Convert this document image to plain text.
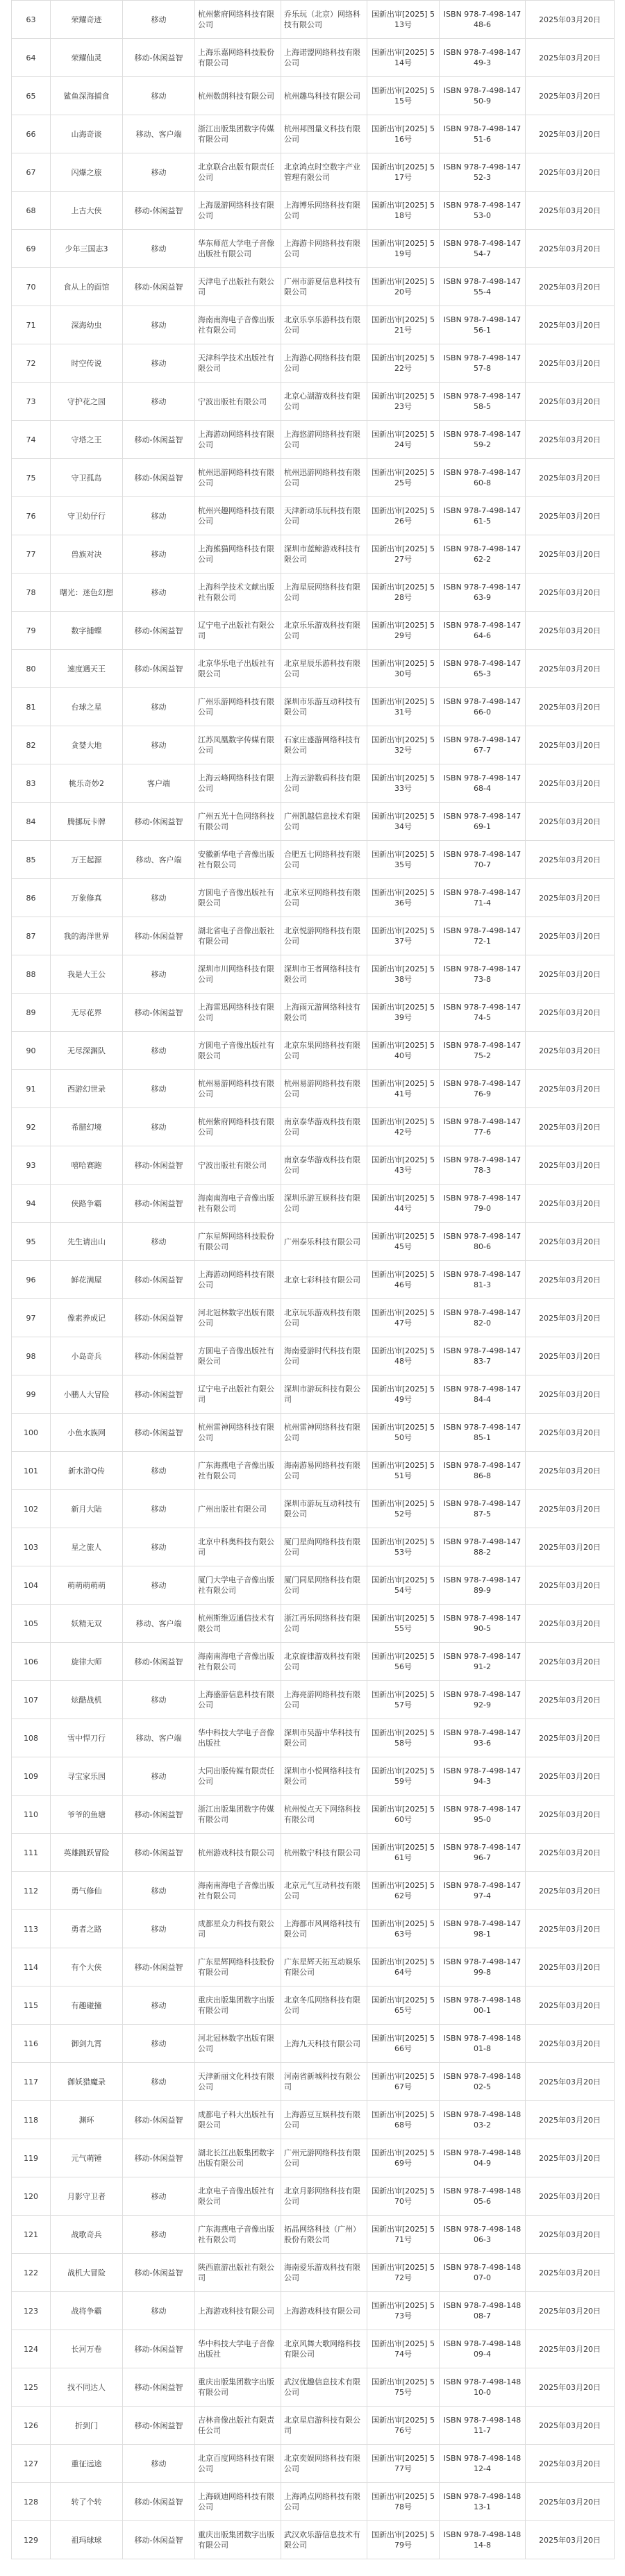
63	荣耀奇迹	移动	杭州紫府网络科技有限公司	乔乐玩（北京）网络科技有限公司	国新出审[2025] 513号	ISBN 978-7-498-14748-6	2025年03月20日
64	荣耀仙灵	移动-休闲益智	上海乐嘉网络科技股份有限公司	上海诺盟网络科技有限公司	国新出审[2025] 514号	ISBN 978-7-498-14749-3	2025年03月20日
65	鲨鱼深海捕食	移动	杭州数朗科技有限公司	杭州趣鸟科技有限公司	国新出审[2025] 515号	ISBN 978-7-498-14750-9	2025年03月20日
66	山海奇谈	移动、客户端	浙江出版集团数字传媒有限公司	杭州邦图量义科技有限公司	国新出审[2025] 516号	ISBN 978-7-498-14751-6	2025年03月20日
67	闪爆之旅	移动	北京联合出版有限责任公司	北京鸿点时空数字产业管理有限公司	国新出审[2025] 517号	ISBN 978-7-498-14752-3	2025年03月20日
68	上古大侠	移动-休闲益智	上海晟游网络科技有限公司	上海博乐网络科技有限公司	国新出审[2025] 518号	ISBN 978-7-498-14753-0	2025年03月20日
69	少年三国志3	移动	华东师范大学电子音像出版社有限公司	上海游卡网络科技有限公司	国新出审[2025] 519号	ISBN 978-7-498-14754-7	2025年03月20日
70	食从上的面馆	移动-休闲益智	天津电子出版社有限公司	广州市游夏信息科技有限公司	国新出审[2025] 520号	ISBN 978-7-498-14755-4	2025年03月20日
71	深海幼虫	移动	海南南海电子音像出版社有限公司	北京乐享乐游科技有限公司	国新出审[2025] 521号	ISBN 978-7-498-14756-1	2025年03月20日
72	时空传说	移动	天津科学技术出版社有限公司	上海游心网络科技有限公司	国新出审[2025] 522号	ISBN 978-7-498-14757-8	2025年03月20日
73	守护花之园	移动	宁波出版社有限公司	北京心湖游戏科技有限公司	国新出审[2025] 523号	ISBN 978-7-498-14758-5	2025年03月20日
74	守塔之王	移动-休闲益智	上海游动网络科技有限公司	上海悠游网络科技有限公司	国新出审[2025] 524号	ISBN 978-7-498-14759-2	2025年03月20日
75	守卫孤岛	移动-休闲益智	杭州迅游网络科技有限公司	杭州迅游网络科技有限公司	国新出审[2025] 525号	ISBN 978-7-498-14760-8	2025年03月20日
76	守卫幼仔行	移动	杭州兴趣网络科技有限公司	天津新动乐玩科技有限公司	国新出审[2025] 526号	ISBN 978-7-498-14761-5	2025年03月20日
77	兽族对决	移动	上海熊猫网络科技有限公司	深圳市蓝鲸游戏科技有限公司	国新出审[2025] 527号	ISBN 978-7-498-14762-2	2025年03月20日
78	曙光：迷色幻想	移动	上海科学技术文献出版社有限公司	上海星辰网络科技有限公司	国新出审[2025] 528号	ISBN 978-7-498-14763-9	2025年03月20日
79	数字捕蝶	移动-休闲益智	辽宁电子出版社有限公司	北京乐乐游戏科技有限公司	国新出审[2025] 529号	ISBN 978-7-498-14764-6	2025年03月20日
80	速度遇天王	移动-休闲益智	北京华乐电子出版社有限公司	北京星辰乐游科技有限公司	国新出审[2025] 530号	ISBN 978-7-498-14765-3	2025年03月20日
81	台球之星	移动	广州乐游网络科技有限公司	深圳市乐游互动科技有限公司	国新出审[2025] 531号	ISBN 978-7-498-14766-0	2025年03月20日
82	贪婪大地	移动	江苏凤凰数字传媒有限公司	石家庄盛游网络科技有限公司	国新出审[2025] 532号	ISBN 978-7-498-14767-7	2025年03月20日
83	桃乐奇妙2	客户端	上海云峰网络科技有限公司	上海云游数码科技有限公司	国新出审[2025] 533号	ISBN 978-7-498-14768-4	2025年03月20日
84	腾挪玩卡牌	移动-休闲益智	广州五光十色网络科技有限公司	广州凯越信息技术有限公司	国新出审[2025] 534号	ISBN 978-7-498-14769-1	2025年03月20日
85	万王起源	移动、客户端	安徽新华电子音像出版社有限公司	合肥五七网络科技有限公司	国新出审[2025] 535号	ISBN 978-7-498-14770-7	2025年03月20日
86	万象修真	移动	方圆电子音像出版社有限公司	北京米豆网络科技有限公司	国新出审[2025] 536号	ISBN 978-7-498-14771-4	2025年03月20日
87	我的海洋世界	移动-休闲益智	湖北省电子音像出版社有限公司	北京悦游网络科技有限公司	国新出审[2025] 537号	ISBN 978-7-498-14772-1	2025年03月20日
88	我是大王公	移动	深圳市川网络科技有限公司	深圳市王者网络科技有限公司	国新出审[2025] 538号	ISBN 978-7-498-14773-8	2025年03月20日
89	无尽花界	移动-休闲益智	上海雷迅网络科技有限公司	上海雨元游网络科技有限公司	国新出审[2025] 539号	ISBN 978-7-498-14774-5	2025年03月20日
90	无尽深渊队	移动	方圆电子音像出版社有限公司	北京东果网络科技有限公司	国新出审[2025] 540号	ISBN 978-7-498-14775-2	2025年03月20日
91	西游幻世录	移动	杭州易游网络科技有限公司	杭州易游网络科技有限公司	国新出审[2025] 541号	ISBN 978-7-498-14776-9	2025年03月20日
92	希腊幻境	移动	杭州紫府网络科技有限公司	南京泰华游戏科技有限公司	国新出审[2025] 542号	ISBN 978-7-498-14777-6	2025年03月20日
93	嘻哈赛跑	移动-休闲益智	宁波出版社有限公司	南京泰华游戏科技有限公司	国新出审[2025] 543号	ISBN 978-7-498-14778-3	2025年03月20日
94	侠路争霸	移动-休闲益智	海南南海电子音像出版社有限公司	深圳乐游互娱科技有限公司	国新出审[2025] 544号	ISBN 978-7-498-14779-0	2025年03月20日
95	先生请出山	移动	广东星辉网络科技股份有限公司	广州泰乐科技有限公司	国新出审[2025] 545号	ISBN 978-7-498-14780-6	2025年03月20日
96	鲜花满屋	移动-休闲益智	上海游动网络科技有限公司	北京七彩科技有限公司	国新出审[2025] 546号	ISBN 978-7-498-14781-3	2025年03月20日
97	像素养成记	移动-休闲益智	河北冠林数字出版有限公司	北京玩乐游戏科技有限公司	国新出审[2025] 547号	ISBN 978-7-498-14782-0	2025年03月20日
98	小岛奇兵	移动-休闲益智	方圆电子音像出版社有限公司	海南爱游时代科技有限公司	国新出审[2025] 548号	ISBN 978-7-498-14783-7	2025年03月20日
99	小鹏人大冒险	移动-休闲益智	辽宁电子出版社有限公司	深圳市游玩科技有限公司	国新出审[2025] 549号	ISBN 978-7-498-14784-4	2025年03月20日
100	小鱼水族网	移动-休闲益智	杭州雷神网络科技有限公司	杭州雷神网络科技有限公司	国新出审[2025] 550号	ISBN 978-7-498-14785-1	2025年03月20日
101	新水浒Q传	移动	广东海燕电子音像出版社有限公司	海南游易网络科技有限公司	国新出审[2025] 551号	ISBN 978-7-498-14786-8	2025年03月20日
102	新月大陆	移动	广州出版社有限公司	深圳市游玩互动科技有限公司	国新出审[2025] 552号	ISBN 978-7-498-14787-5	2025年03月20日
103	星之旅人	移动	北京中科奥科技有限公司	厦门星尚网络科技有限公司	国新出审[2025] 553号	ISBN 978-7-498-14788-2	2025年03月20日
104	萌萌萌萌萌	移动	厦门大学电子音像出版社有限公司	厦门同星网络科技有限公司	国新出审[2025] 554号	ISBN 978-7-498-14789-9	2025年03月20日
105	妖精无双	移动、客户端	杭州斯维迈通信技术有限公司	浙江再乐网络科技有限公司	国新出审[2025] 555号	ISBN 978-7-498-14790-5	2025年03月20日
106	旋律大师	移动-休闲益智	海南南海电子音像出版社有限公司	北京旋律游戏科技有限公司	国新出审[2025] 556号	ISBN 978-7-498-14791-2	2025年03月20日
107	炫酷战机	移动	上海盛游信息科技有限公司	上海亮游网络科技有限公司	国新出审[2025] 557号	ISBN 978-7-498-14792-9	2025年03月20日
108	雪中悍刀行	移动、客户端	华中科技大学电子音像出版社	深圳市吴游中华科技有限公司	国新出审[2025] 558号	ISBN 978-7-498-14793-6	2025年03月20日
109	寻宝家乐园	移动	大同出版传媒有限责任公司	深圳市小悦网络科技有限公司	国新出审[2025] 559号	ISBN 978-7-498-14794-3	2025年03月20日
110	爷爷的鱼塘	移动-休闲益智	浙江出版集团数字传媒有限公司	杭州悦点天下网络科技有限公司	国新出审[2025] 560号	ISBN 978-7-498-14795-0	2025年03月20日
111	英雄跳跃冒险	移动-休闲益智	杭州游戏科技有限公司	杭州数宁科技有限公司	国新出审[2025] 561号	ISBN 978-7-498-14796-7	2025年03月20日
112	勇气修仙	移动	海南南海电子音像出版社有限公司	北京元气互动科技有限公司	国新出审[2025] 562号	ISBN 978-7-498-14797-4	2025年03月20日
113	勇者之路	移动	成都星众力科技有限公司	上海都市风网络科技有限公司	国新出审[2025] 563号	ISBN 978-7-498-14798-1	2025年03月20日
114	有个大侠	移动-休闲益智	广东星辉网络科技股份有限公司	广东星辉天拓互动娱乐有限公司	国新出审[2025] 564号	ISBN 978-7-498-14799-8	2025年03月20日
115	有趣碰撞	移动	重庆出版集团数字出版有限公司	北京冬瓜网络科技有限公司	国新出审[2025] 565号	ISBN 978-7-498-14800-1	2025年03月20日
116	御剑九霄	移动	河北冠林数字出版有限公司	上海九天科技有限公司	国新出审[2025] 566号	ISBN 978-7-498-14801-8	2025年03月20日
117	御妖猎魔录	移动	天津新丽文化科技有限公司	河南省新城科技有限公司	国新出审[2025] 567号	ISBN 978-7-498-14802-5	2025年03月20日
118	渊环	移动-休闲益智	成都电子科大出版社有限公司	上海游豆互娱科技有限公司	国新出审[2025] 568号	ISBN 978-7-498-14803-2	2025年03月20日
119	元气萌锤	移动-休闲益智	湖北长江出版集团数字出版有限公司	广州元游网络科技有限公司	国新出审[2025] 569号	ISBN 978-7-498-14804-9	2025年03月20日
120	月影守卫者	移动	北京电子音像出版社有限公司	北京月影网络科技有限公司	国新出审[2025] 570号	ISBN 978-7-498-14805-6	2025年03月20日
121	战歌奇兵	移动	广东海燕电子音像出版社有限公司	拓晶网络科技（广州）股份有限公司	国新出审[2025] 571号	ISBN 978-7-498-14806-3	2025年03月20日
122	战机大冒险	移动-休闲益智	陕西旅游出版社有限公司	海南爱乐游戏科技有限公司	国新出审[2025] 572号	ISBN 978-7-498-14807-0	2025年03月20日
123	战将争霸	移动	上海游戏科技有限公司	上海游戏科技有限公司	国新出审[2025] 573号	ISBN 978-7-498-14808-7	2025年03月20日
124	长河万卷	移动-休闲益智	华中科技大学电子音像出版社	北京风舞大歌网络科技有限公司	国新出审[2025] 574号	ISBN 978-7-498-14809-4	2025年03月20日
125	找不同达人	移动-休闲益智	重庆出版集团数字出版有限公司	武汉优趣信息技术有限公司	国新出审[2025] 575号	ISBN 978-7-498-14810-0	2025年03月20日
126	折到门	移动-休闲益智	吉林音像出版社有限责任公司	北京星启游科技有限公司	国新出审[2025] 576号	ISBN 978-7-498-14811-7	2025年03月20日
127	重征远途	移动	北京百度网络科技有限公司	北京奕娱网络科技有限公司	国新出审[2025] 577号	ISBN 978-7-498-14812-4	2025年03月20日
128	转了个转	移动-休闲益智	上海硕迪网络科技有限公司	上海鸿点网络科技有限公司	国新出审[2025] 578号	ISBN 978-7-498-14813-1	2025年03月20日
129	祖玛球球	移动-休闲益智	重庆出版集团数字出版有限公司	武汉欢乐游信息技术有限公司	国新出审[2025] 579号	ISBN 978-7-498-14814-8	2025年03月20日
